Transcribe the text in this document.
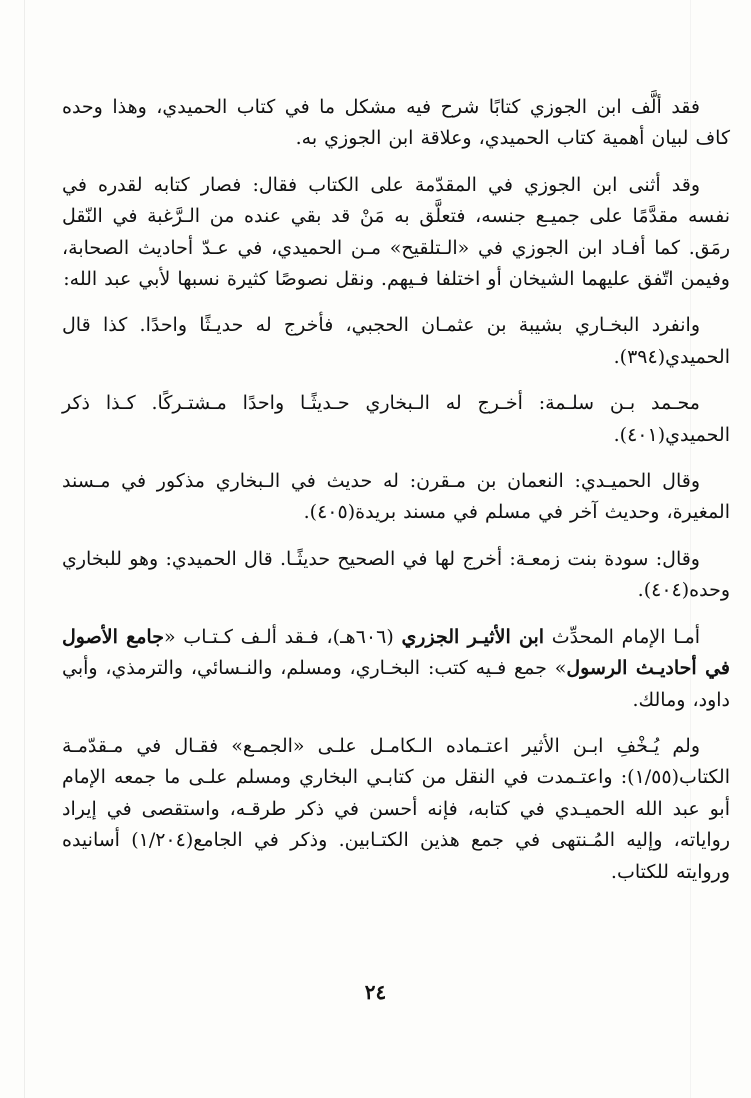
فقد ألَّف ابن الجوزي كتابًا شرح فيه مشكل ما في كتاب الحميدي، وهذا وحده كاف لبيان أهمية كتاب الحميدي، وعلاقة ابن الجوزي به.

وقد أثنى ابن الجوزي في المقدّمة على الكتاب فقال: فصار كتابه لقدره في نفسه مقدَّمًا على جميـع جنسه، فتعلَّق به مَنْ قد بقي عنده من الـرَّغبة في النّقل رمَق. كما أفـاد ابن الجوزي في «الـتلقيح» مـن الحميدي، في عـدّ أحاديث الصحابة، وفيمن اتّفق عليهما الشيخان أو اختلفا فـيهم. ونقل نصوصًا كثيرة نسبها لأبي عبد الله:

وانفرد البخـاري بشيبة بن عثمـان الحجبي، فأخرج له حديـثًا واحدًا. كذا قال الحميدي(٣٩٤).

محـمد بـن سلـمة: أخـرج له الـبخاري حـديثًـا واحدًا مـشتـركًا. كـذا ذكر الحميدي(٤٠١).

وقال الحميـدي: النعمان بن مـقرن: له حديث في الـبخاري مذكور في مـسند المغيرة، وحديث آخر في مسلم في مسند بريدة(٤٠٥).

وقال: سودة بنت زمعـة: أخرج لها في الصحيح حديثًـا. قال الحميدي: وهو للبخاري وحده(٤٠٤).

أمـا الإمام المحدِّث ابن الأثيـر الجزري (٦٠٦هـ)، فـقد ألـف كـتـاب «جامع الأصول في أحاديـث الرسول» جمع فـيه كتب: البخـاري، ومسلم، والنـسائي، والترمذي، وأبي داود، ومالك.

ولم يُـخْفِ ابـن الأثير اعتـماده الـكامـل علـى «الجمـع» فقـال في مـقدّمـة الكتاب(١/٥٥): واعتـمدت في النقل من كتابـي البخاري ومسلم علـى ما جمعه الإمام أبو عبد الله الحميـدي في كتابه، فإنه أحسن في ذكر طرقـه، واستقصى في إيراد رواياته، وإليه المُـنتهى في جمع هذين الكتـابين. وذكر في الجامع(١/٢٠٤) أسانيده وروايته للكتاب.

٢٤
